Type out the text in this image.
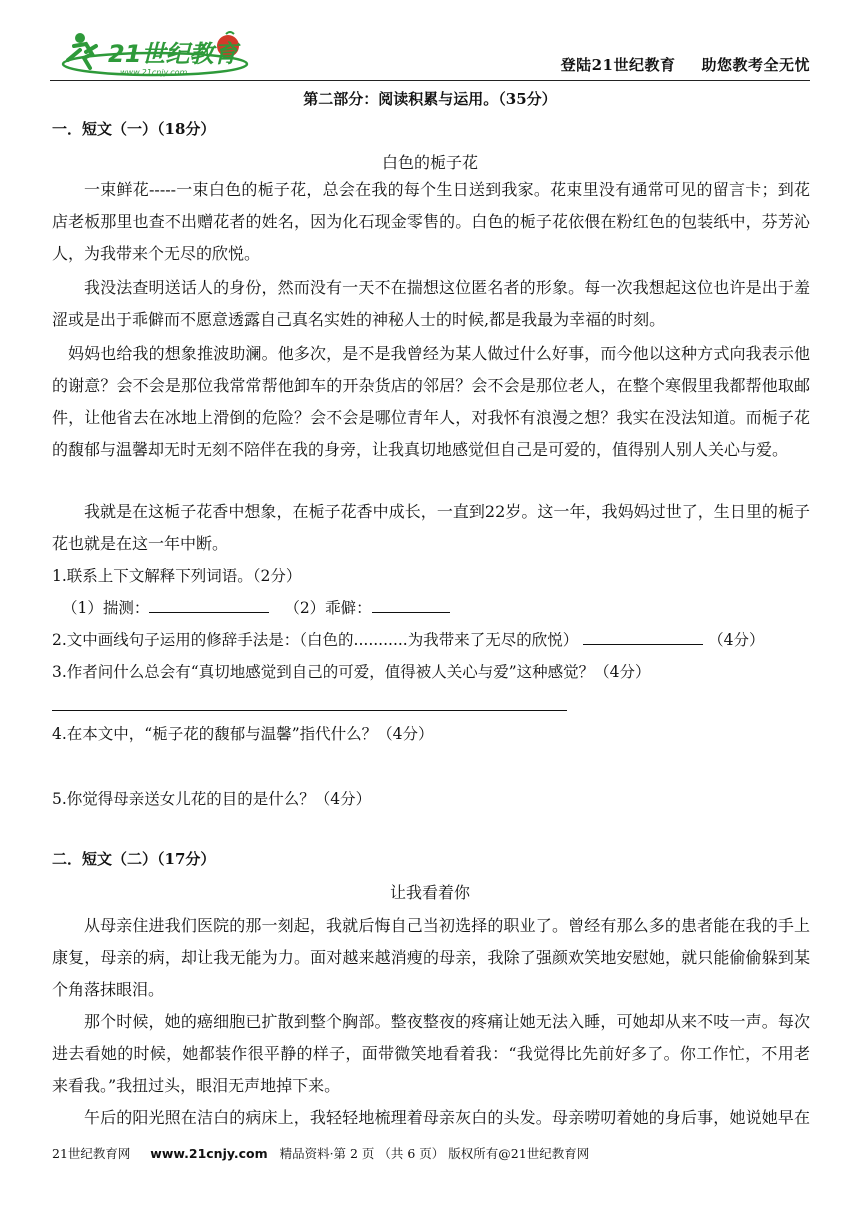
21世纪教育
www.21cnjy.com	登陆21世纪教育 助您教考全无忧
第二部分：阅读积累与运用。（35分）
一．短文（一）（18分）
白色的栀子花
一束鲜花-----一束白色的栀子花，总会在我的每个生日送到我家。花束里没有通常可见的留言卡；到花店老板那里也查不出赠花者的姓名，因为化石现金零售的。白色的栀子花依偎在粉红色的包装纸中，芬芳沁人，为我带来个无尽的欣悦。
我没法查明送话人的身份，然而没有一天不在揣想这位匿名者的形象。每一次我想起这位也许是出于羞涩或是出于乖僻而不愿意透露自己真名实姓的神秘人士的时候,都是我最为幸福的时刻。
妈妈也给我的想象推波助澜。他多次，是不是我曾经为某人做过什么好事，而今他以这种方式向我表示他的谢意？会不会是那位我常常帮他卸车的开杂货店的邻居？会不会是那位老人，在整个寒假里我都帮他取邮件，让他省去在冰地上滑倒的危险？会不会是哪位青年人，对我怀有浪漫之想？我实在没法知道。而栀子花的馥郁与温馨却无时无刻不陪伴在我的身旁，让我真切地感觉但自己是可爱的，值得别人别人关心与爱。
我就是在这栀子花香中想象，在栀子花香中成长，一直到22岁。这一年，我妈妈过世了，生日里的栀子花也就是在这一年中断。
1.联系上下文解释下列词语。（2分）
（1）揣测：	（2）乖僻：
2.文中画线句子运用的修辞手法是：（白色的...........为我带来了无尽的欣悦）	（4分）
3.作者问什么总会有“真切地感觉到自己的可爱，值得被人关心与爱”这种感觉？（4分）
4.在本文中，“栀子花的馥郁与温馨”指代什么？（4分）
5.你觉得母亲送女儿花的目的是什么？（4分）
二．短文（二）（17分）
让我看着你
从母亲住进我们医院的那一刻起，我就后悔自己当初选择的职业了。曾经有那么多的患者能在我的手上康复，母亲的病，却让我无能为力。面对越来越消瘦的母亲，我除了强颜欢笑地安慰她，就只能偷偷躲到某个角落抹眼泪。
那个时候，她的癌细胞已扩散到整个胸部。整夜整夜的疼痛让她无法入睡，可她却从来不吱一声。每次进去看她的时候，她都装作很平静的样子，面带微笑地看着我：“我觉得比先前好多了。你工作忙，不用老来看我。”我扭过头，眼泪无声地掉下来。
午后的阳光照在洁白的病床上，我轻轻地梳理着母亲灰白的头发。母亲唠叨着她的身后事，她说她早在
21世纪教育网 www.21cnjy.com 精品资料·第 2 页 （共 6 页） 版权所有@21世纪教育网
